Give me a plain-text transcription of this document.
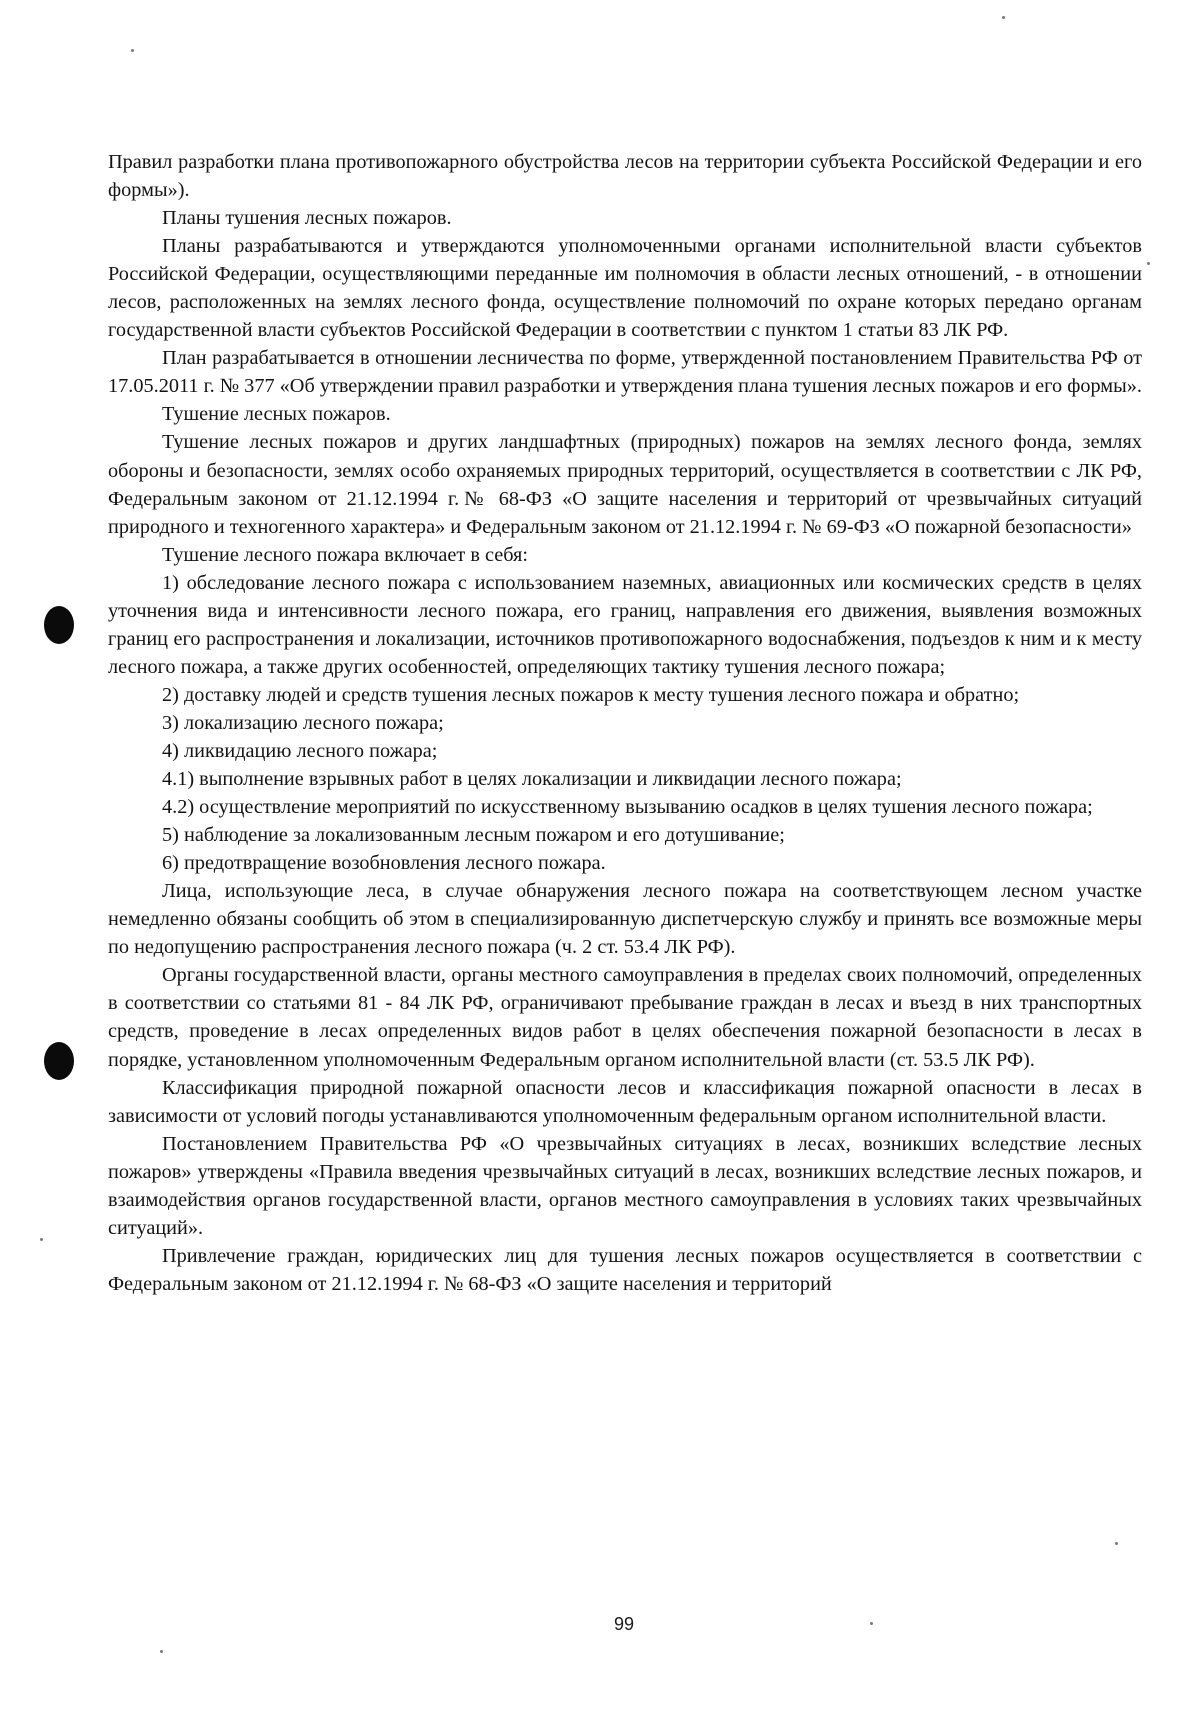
Правил разработки плана противопожарного обустройства лесов на территории субъекта Российской Федерации и его формы»).

Планы тушения лесных пожаров.

Планы разрабатываются и утверждаются уполномоченными органами исполнительной власти субъектов Российской Федерации, осуществляющими переданные им полномочия в области лесных отношений, - в отношении лесов, расположенных на землях лесного фонда, осуществление полномочий по охране которых передано органам государственной власти субъектов Российской Федерации в соответствии с пунктом 1 статьи 83 ЛК РФ.

План разрабатывается в отношении лесничества по форме, утвержденной постановлением Правительства РФ от 17.05.2011 г. № 377 «Об утверждении правил разработки и утверждения плана тушения лесных пожаров и его формы».

Тушение лесных пожаров.

Тушение лесных пожаров и других ландшафтных (природных) пожаров на землях лесного фонда, землях обороны и безопасности, землях особо охраняемых природных территорий, осуществляется в соответствии с ЛК РФ, Федеральным законом от 21.12.1994 г.№ 68-ФЗ «О защите населения и территорий от чрезвычайных ситуаций природного и техногенного характера» и Федеральным законом от 21.12.1994 г. № 69-ФЗ «О пожарной безопасности»

Тушение лесного пожара включает в себя:

1) обследование лесного пожара с использованием наземных, авиационных или космических средств в целях уточнения вида и интенсивности лесного пожара, его границ, направления его движения, выявления возможных границ его распространения и локализации, источников противопожарного водоснабжения, подъездов к ним и к месту лесного пожара, а также других особенностей, определяющих тактику тушения лесного пожара;

2) доставку людей и средств тушения лесных пожаров к месту тушения лесного пожара и обратно;

3) локализацию лесного пожара;

4) ликвидацию лесного пожара;

4.1) выполнение взрывных работ в целях локализации и ликвидации лесного пожара;

4.2) осуществление мероприятий по искусственному вызыванию осадков в целях тушения лесного пожара;

5) наблюдение за локализованным лесным пожаром и его дотушивание;

6) предотвращение возобновления лесного пожара.

Лица, использующие леса, в случае обнаружения лесного пожара на соответствующем лесном участке немедленно обязаны сообщить об этом в специализированную диспетчерскую службу и принять все возможные меры по недопущению распространения лесного пожара (ч. 2 ст. 53.4 ЛК РФ).

Органы государственной власти, органы местного самоуправления в пределах своих полномочий, определенных в соответствии со статьями 81 - 84 ЛК РФ, ограничивают пребывание граждан в лесах и въезд в них транспортных средств, проведение в лесах определенных видов работ в целях обеспечения пожарной безопасности в лесах в порядке, установленном уполномоченным Федеральным органом исполнительной власти (ст. 53.5 ЛК РФ).

Классификация природной пожарной опасности лесов и классификация пожарной опасности в лесах в зависимости от условий погоды устанавливаются уполномоченным федеральным органом исполнительной власти.

Постановлением Правительства РФ «О чрезвычайных ситуациях в лесах, возникших вследствие лесных пожаров» утверждены «Правила введения чрезвычайных ситуаций в лесах, возникших вследствие лесных пожаров, и взаимодействия органов государственной власти, органов местного самоуправления в условиях таких чрезвычайных ситуаций».

Привлечение граждан, юридических лиц для тушения лесных пожаров осуществляется в соответствии с Федеральным законом от 21.12.1994 г. № 68-ФЗ «О защите населения и территорий

99
